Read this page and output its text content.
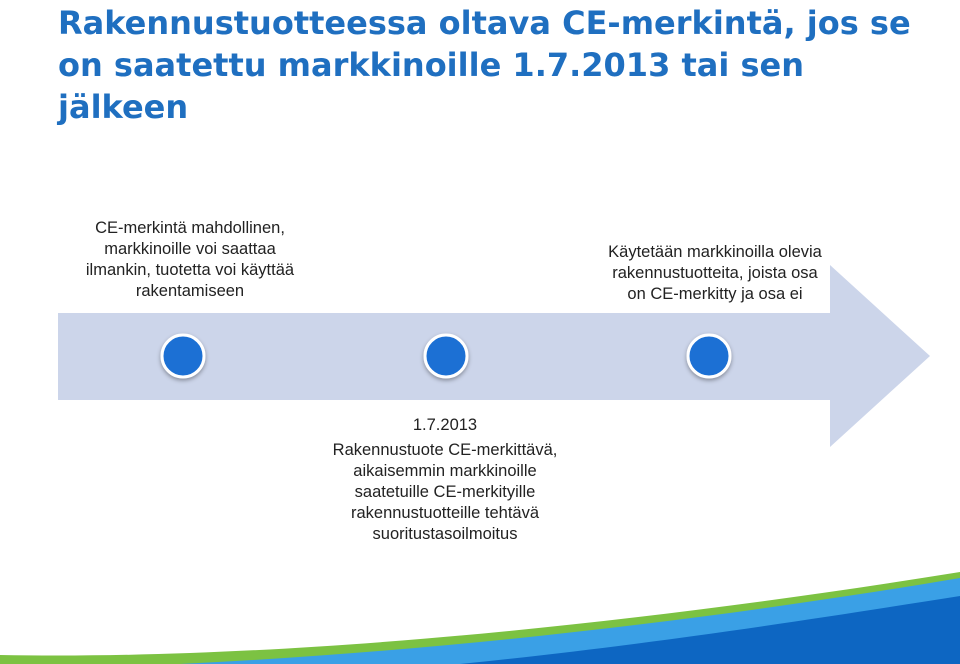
Rakennustuotteessa oltava CE-merkintä, jos se
on saatettu markkinoille 1.7.2013 tai sen jälkeen
CE-merkintä mahdollinen,
markkinoille voi saattaa
ilmankin, tuotetta voi käyttää
rakentamiseen
Käytetään markkinoilla olevia
rakennustuotteita, joista osa
on CE-merkitty ja osa ei
1.7.2013
Rakennustuote CE-merkittävä,
aikaisemmin markkinoille
saatetuille CE-merkityille
rakennustuotteille tehtävä
suoritustasoilmoitus
